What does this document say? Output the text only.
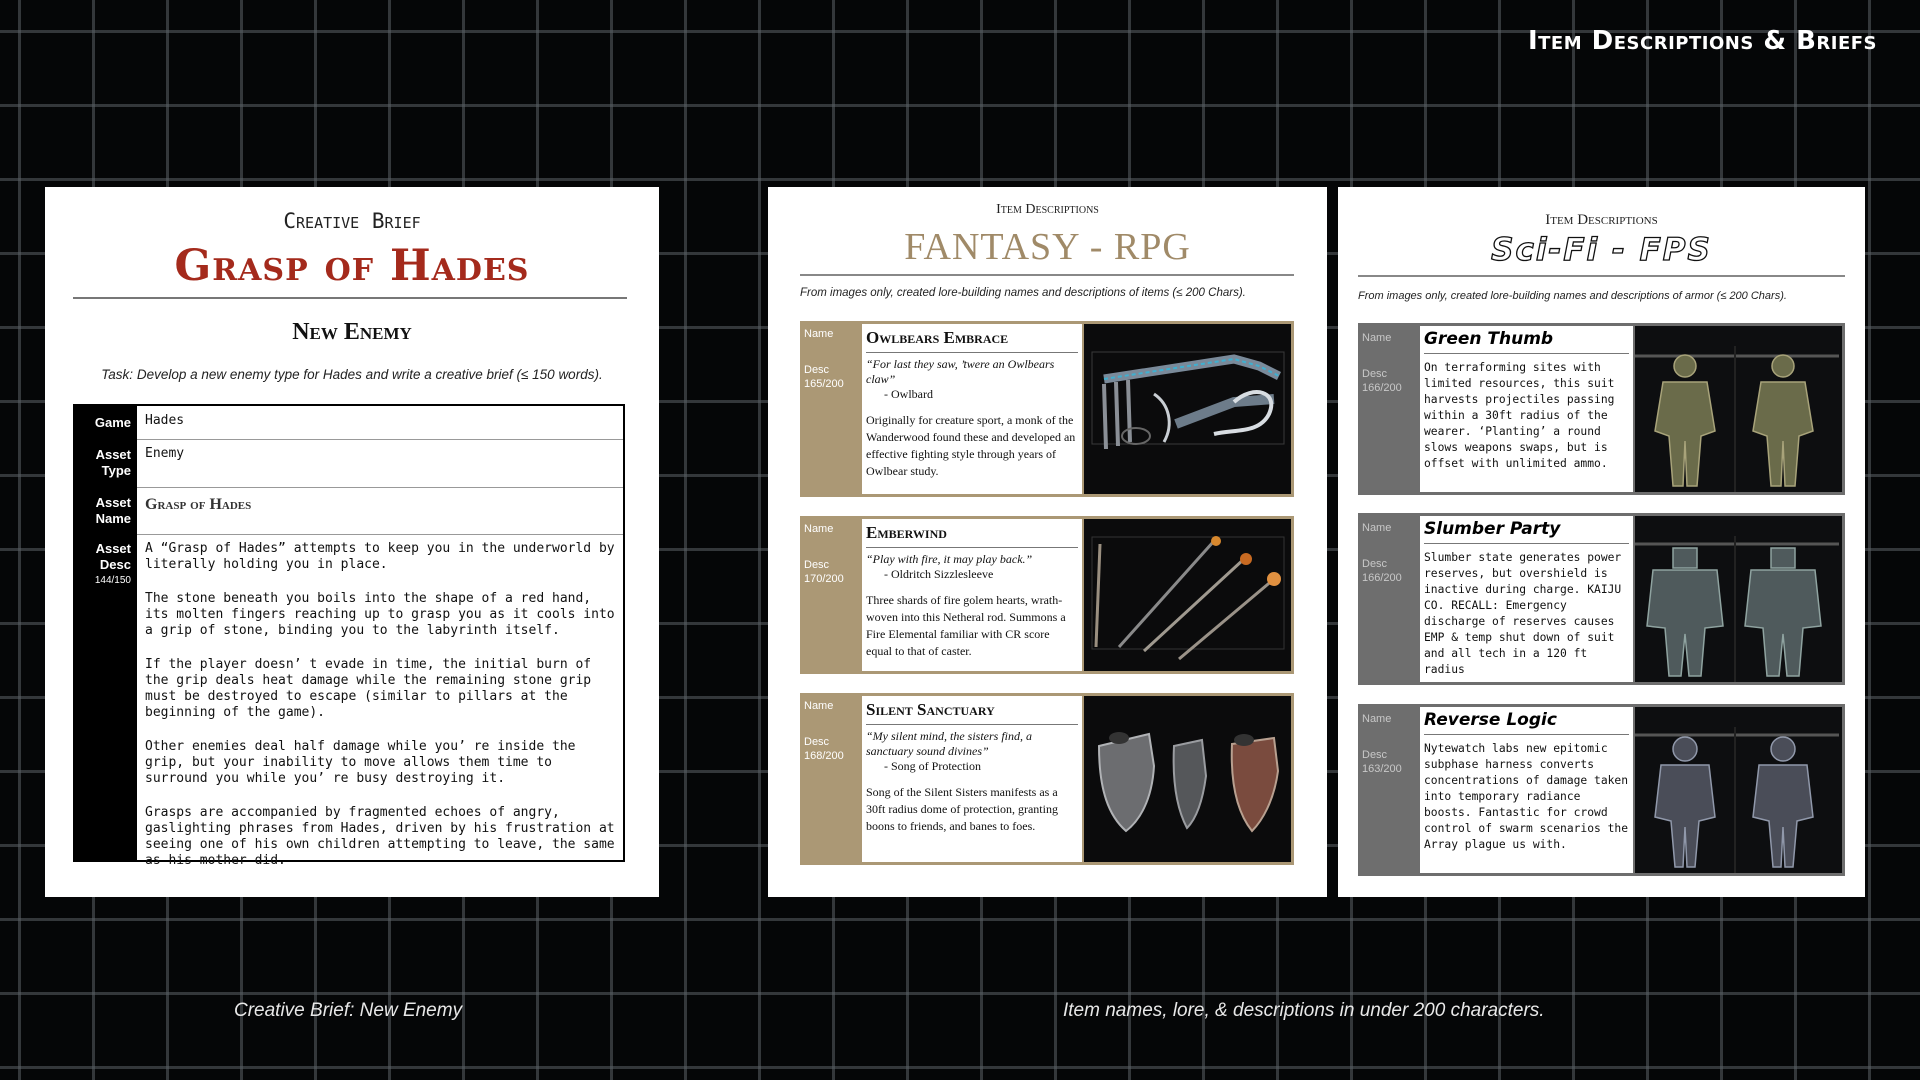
Item Descriptions & Briefs
Creative Brief
Grasp of Hades
New Enemy
Task: Develop a new enemy type for Hades and write a creative brief (≤ 150 words).
Game	Hades
Asset Type
Enemy
Asset Name
Grasp of Hades
Asset Desc
144/150

A “Grasp of Hades” attempts to keep you in the underworld by literally holding you in place.

The stone beneath you boils into the shape of a red hand, its molten fingers reaching up to grasp you as it cools into a grip of stone, binding you to the labyrinth itself.

If the player doesn’ t evade in time, the initial burn of the grip deals heat damage while the remaining stone grip must be destroyed to escape (similar to pillars at the beginning of the game).

Other enemies deal half damage while you’ re inside the grip, but your inability to move allows them time to surround you while you’ re busy destroying it.

Grasps are accompanied by fragmented echoes of angry, gaslighting phrases from Hades, driven by his frustration at seeing one of his own children attempting to leave, the same as his mother did.

Item Descriptions
FANTASY - RPG
From images only, created lore-building names and descriptions of items (≤ 200 Chars).
Name
Desc
165/200
Owlbears Embrace
“For last they saw, ’twere an Owlbears claw”
- Owlbard
Originally for creature sport, a monk of the Wanderwood found these and developed an effective fighting style through years of Owlbear study.
Name
Desc
170/200
Emberwind
“Play with fire, it may play back.”
- Oldritch Sizzlesleeve
Three shards of fire golem hearts, wrath-woven into this Netheral rod. Summons a Fire Elemental familiar with CR score equal to that of caster.
Name
Desc
168/200
Silent Sanctuary
“My silent mind, the sisters find, a sanctuary sound divines”
- Song of Protection
Song of the Silent Sisters manifests as a 30ft radius dome of protection, granting boons to friends, and banes to foes.
Item Descriptions
Sci-Fi - FPS
From images only, created lore-building names and descriptions of armor (≤ 200 Chars).
Name
Desc
166/200
Green Thumb
On terraforming sites with limited resources, this suit harvests projectiles passing within a 30ft radius of the wearer. ‘Planting’ a round slows weapons swaps, but is offset with unlimited ammo.
Name
Desc
166/200
Slumber Party
Slumber state generates power reserves, but overshield is inactive during charge. KAIJU CO. RECALL: Emergency discharge of reserves causes EMP & temp shut down of suit and all tech in a 120 ft radius
Name
Desc
163/200
Reverse Logic
Nytewatch labs new epitomic subphase harness converts concentrations of damage taken into temporary radiance boosts. Fantastic for crowd control of swarm scenarios the Array plague us with.
Creative Brief: New Enemy	Item names, lore, & descriptions in under 200 characters.
